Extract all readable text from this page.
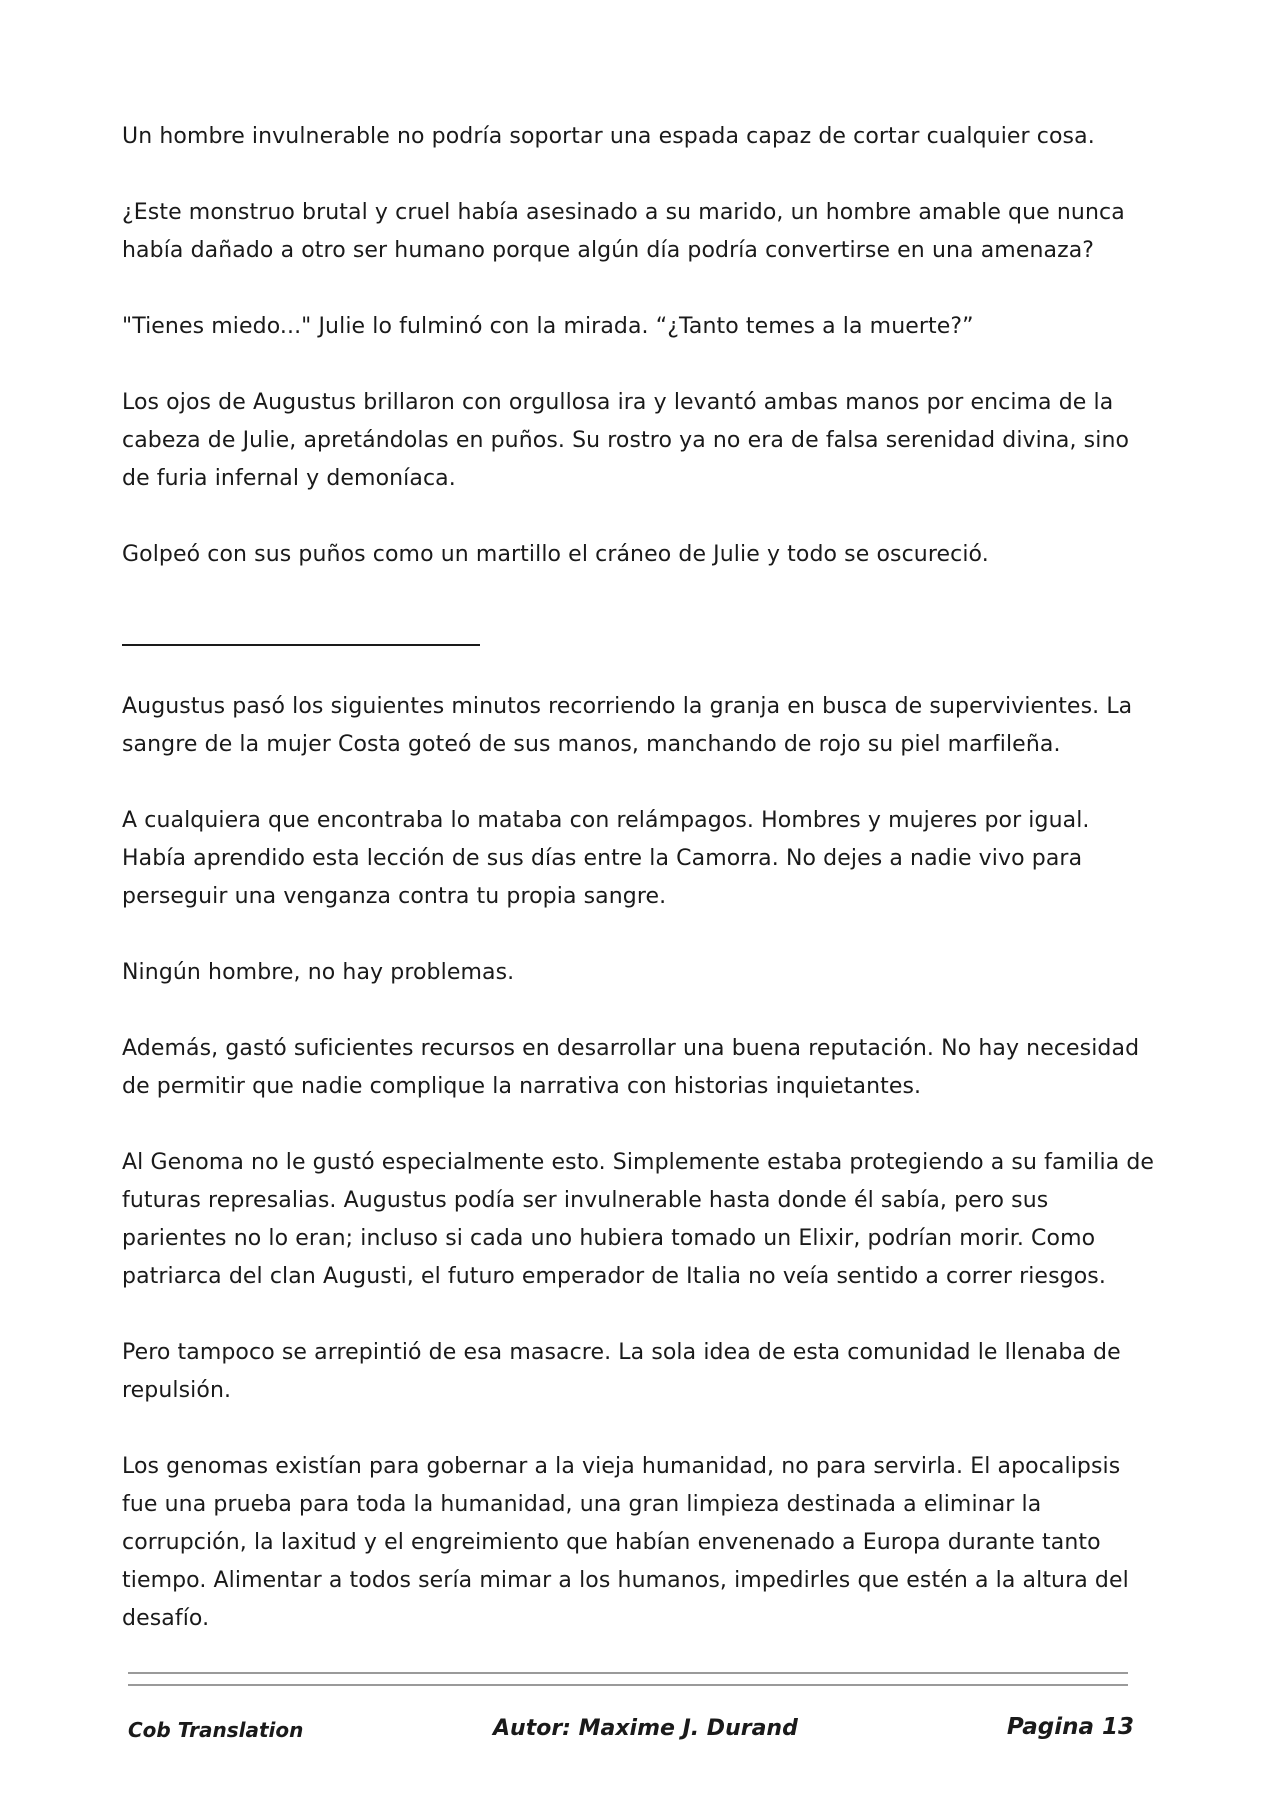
Un hombre invulnerable no podría soportar una espada capaz de cortar cualquier cosa.

¿Este monstruo brutal y cruel había asesinado a su marido, un hombre amable que nunca había dañado a otro ser humano porque algún día podría convertirse en una amenaza?

"Tienes miedo..." Julie lo fulminó con la mirada. “¿Tanto temes a la muerte?”

Los ojos de Augustus brillaron con orgullosa ira y levantó ambas manos por encima de la cabeza de Julie, apretándolas en puños. Su rostro ya no era de falsa serenidad divina, sino de furia infernal y demoníaca.

Golpeó con sus puños como un martillo el cráneo de Julie y todo se oscureció.

Augustus pasó los siguientes minutos recorriendo la granja en busca de supervivientes. La sangre de la mujer Costa goteó de sus manos, manchando de rojo su piel marfileña.

A cualquiera que encontraba lo mataba con relámpagos. Hombres y mujeres por igual. Había aprendido esta lección de sus días entre la Camorra. No dejes a nadie vivo para perseguir una venganza contra tu propia sangre.

Ningún hombre, no hay problemas.

Además, gastó suficientes recursos en desarrollar una buena reputación. No hay necesidad de permitir que nadie complique la narrativa con historias inquietantes.

Al Genoma no le gustó especialmente esto. Simplemente estaba protegiendo a su familia de futuras represalias. Augustus podía ser invulnerable hasta donde él sabía, pero sus parientes no lo eran; incluso si cada uno hubiera tomado un Elixir, podrían morir. Como patriarca del clan Augusti, el futuro emperador de Italia no veía sentido a correr riesgos.

Pero tampoco se arrepintió de esa masacre. La sola idea de esta comunidad le llenaba de repulsión.

Los genomas existían para gobernar a la vieja humanidad, no para servirla. El apocalipsis fue una prueba para toda la humanidad, una gran limpieza destinada a eliminar la corrupción, la laxitud y el engreimiento que habían envenenado a Europa durante tanto tiempo. Alimentar a todos sería mimar a los humanos, impedirles que estén a la altura del desafío.

Cob Translation	Autor: Maxime J. Durand	Pagina 13
